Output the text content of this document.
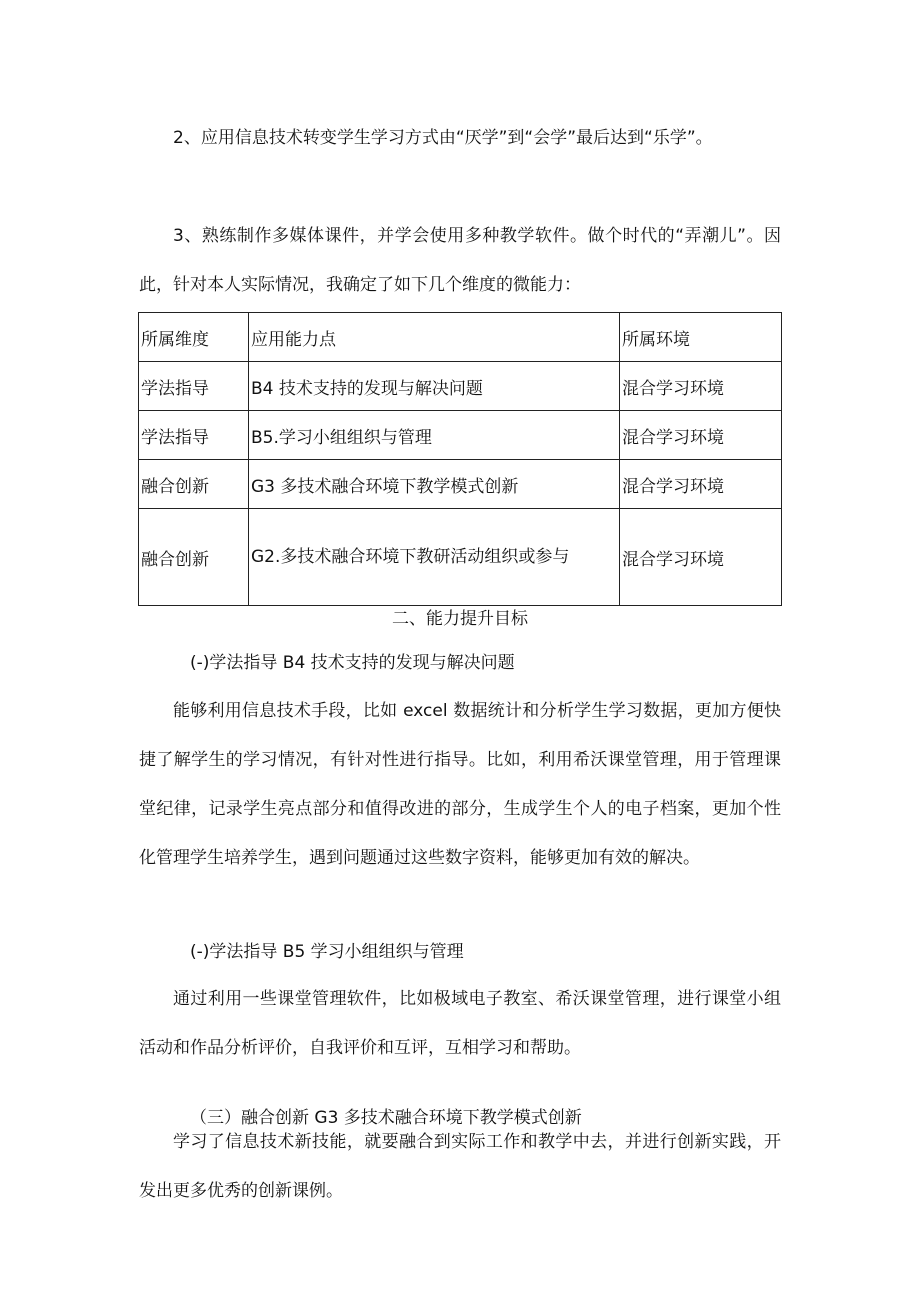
2、应用信息技术转变学生学习方式由“厌学”到“会学”最后达到“乐学”。

3、熟练制作多媒体课件，并学会使用多种教学软件。做个时代的“弄潮儿”。因此，针对本人实际情况，我确定了如下几个维度的微能力：

所属维度	应用能力点	所属环境
学法指导	B4 技术支持的发现与解决问题	混合学习环境
学法指导	B5.学习小组组织与管理	混合学习环境
融合创新	G3 多技术融合环境下教学模式创新	混合学习环境
融合创新	G2.多技术融合环境下教研活动组织或参与	混合学习环境
二、能力提升目标

(-)学法指导 B4 技术支持的发现与解决问题

能够利用信息技术手段，比如 excel 数据统计和分析学生学习数据，更加方便快捷了解学生的学习情况，有针对性进行指导。比如，利用希沃课堂管理，用于管理课堂纪律，记录学生亮点部分和值得改进的部分，生成学生个人的电子档案，更加个性化管理学生培养学生，遇到问题通过这些数字资料，能够更加有效的解决。

(-)学法指导 B5 学习小组组织与管理

通过利用一些课堂管理软件，比如极域电子教室、希沃课堂管理，进行课堂小组活动和作品分析评价，自我评价和互评，互相学习和帮助。

（三）融合创新 G3 多技术融合环境下教学模式创新

学习了信息技术新技能，就要融合到实际工作和教学中去，并进行创新实践，开发出更多优秀的创新课例。
